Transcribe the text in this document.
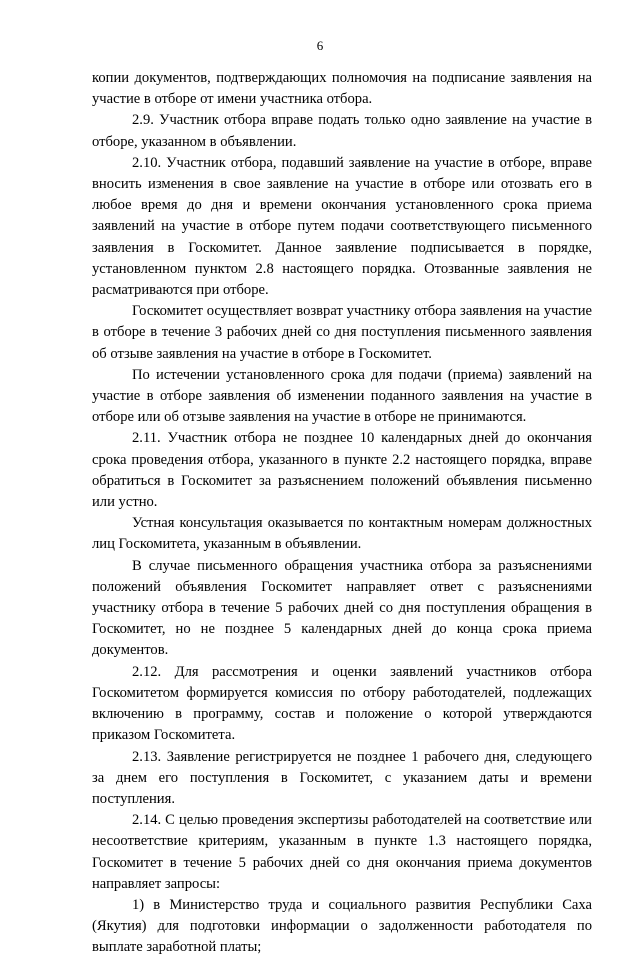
6

копии документов, подтверждающих полномочия на подписание заявления на участие в отборе от имени участника отбора.

2.9. Участник отбора вправе подать только одно заявление на участие в отборе, указанном в объявлении.

2.10. Участник отбора, подавший заявление на участие в отборе, вправе вносить изменения в свое заявление на участие в отборе или отозвать его в любое время до дня и времени окончания установленного срока приема заявлений на участие в отборе путем подачи соответствующего письменного заявления в Госкомитет. Данное заявление подписывается в порядке, установленном пунктом 2.8 настоящего порядка. Отозванные заявления не расматриваются при отборе.

Госкомитет осуществляет возврат участнику отбора заявления на участие в отборе в течение 3 рабочих дней со дня поступления письменного заявления об отзыве заявления на участие в отборе в Госкомитет.

По истечении установленного срока для подачи (приема) заявлений на участие в отборе заявления об изменении поданного заявления на участие в отборе или об отзыве заявления на участие в отборе не принимаются.

2.11. Участник отбора не позднее 10 календарных дней до окончания срока проведения отбора, указанного в пункте 2.2 настоящего порядка, вправе обратиться в Госкомитет за разъяснением положений объявления письменно или устно.

Устная консультация оказывается по контактным номерам должностных лиц Госкомитета, указанным в объявлении.

В случае письменного обращения участника отбора за разъяснениями положений объявления Госкомитет направляет ответ с разъяснениями участнику отбора в течение 5 рабочих дней со дня поступления обращения в Госкомитет, но не позднее 5 календарных дней до конца срока приема документов.

2.12. Для рассмотрения и оценки заявлений участников отбора Госкомитетом формируется комиссия по отбору работодателей, подлежащих включению в программу, состав и положение о которой утверждаются приказом Госкомитета.

2.13. Заявление регистрируется не позднее 1 рабочего дня, следующего за днем его поступления в Госкомитет, с указанием даты и времени поступления.

2.14. С целью проведения экспертизы работодателей на соответствие или несоответствие критериям, указанным в пункте 1.3 настоящего порядка, Госкомитет в течение 5 рабочих дней со дня окончания приема документов направляет запросы:

1) в Министерство труда и социального развития Республики Саха (Якутия) для подготовки информации о задолженности работодателя по выплате заработной платы;
